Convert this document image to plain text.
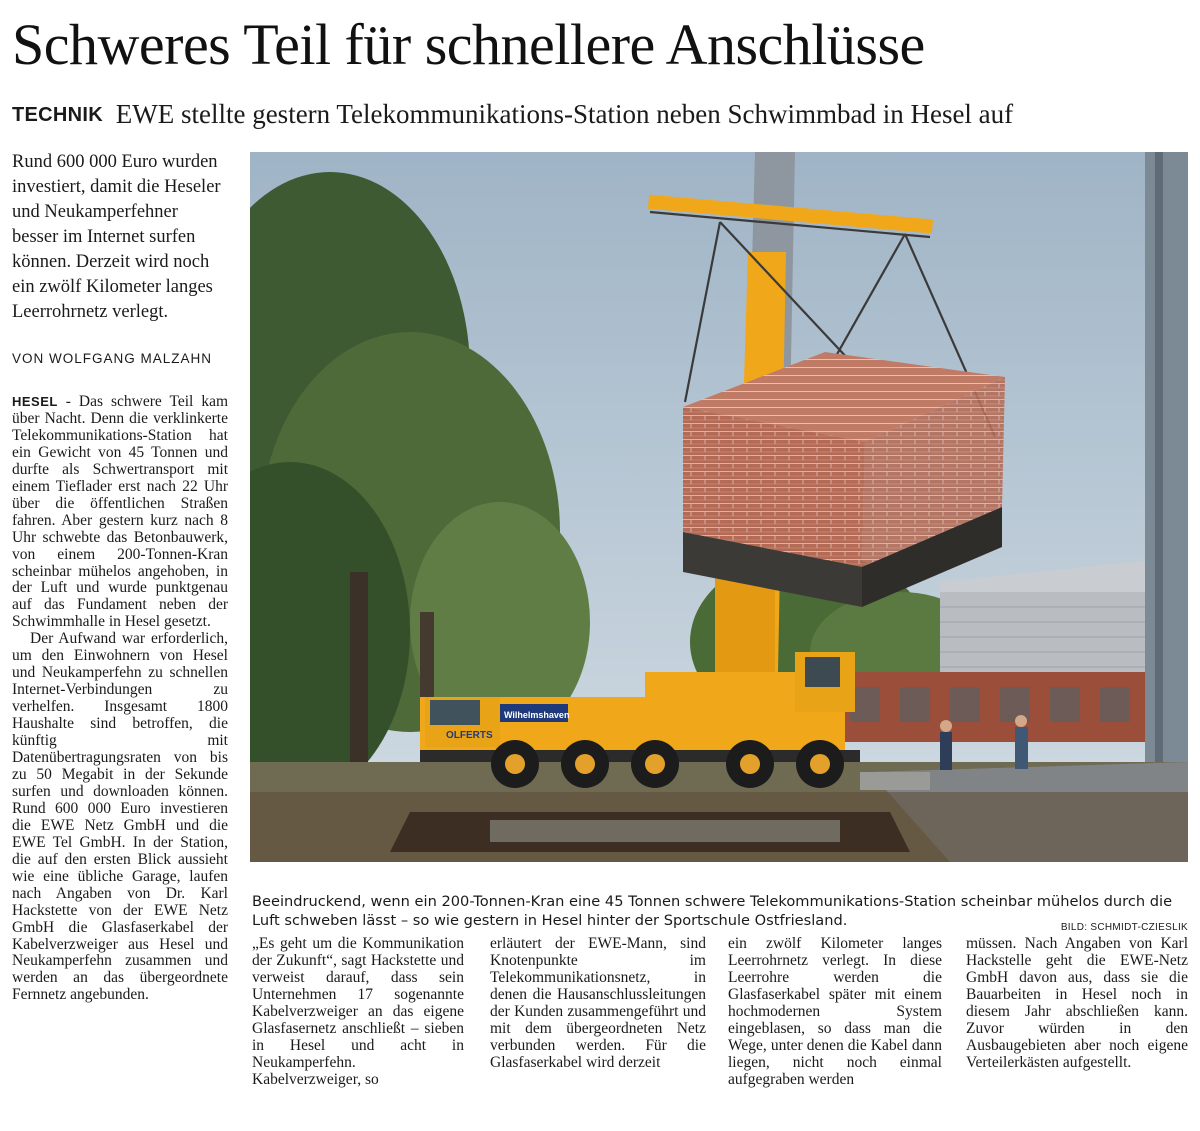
Schweres Teil für schnellere Anschlüsse
TECHNIK EWE stellte gestern Telekommunikations-Station neben Schwimmbad in Hesel auf

Rund 600 000 Euro wurden investiert, damit die Heseler und Neukamperfehner besser im Internet surfen können. Derzeit wird noch ein zwölf Kilometer langes Leerrohrnetz verlegt.

VON WOLFGANG MALZAHN

HESEL - Das schwere Teil kam über Nacht. Denn die verklinkerte Telekommunikations-Station hat ein Gewicht von 45 Tonnen und durfte als Schwertransport mit einem Tieflader erst nach 22 Uhr über die öffentlichen Straßen fahren. Aber gestern kurz nach 8 Uhr schwebte das Betonbauwerk, von einem 200-Tonnen-Kran scheinbar mühelos angehoben, in der Luft und wurde punktgenau auf das Fundament neben der Schwimmhalle in Hesel gesetzt.

Der Aufwand war erforderlich, um den Einwohnern von Hesel und Neukamperfehn zu schnellen Internet-Verbindungen zu verhelfen. Insgesamt 1800 Haushalte sind betroffen, die künftig mit Datenübertragungsraten von bis zu 50 Megabit in der Sekunde surfen und downloaden können. Rund 600 000 Euro investieren die EWE Netz GmbH und die EWE Tel GmbH. In der Station, die auf den ersten Blick aussieht wie eine übliche Garage, laufen nach Angaben von Dr. Karl Hackstette von der EWE Netz GmbH die Glasfaserkabel der Kabelverzweiger aus Hesel und Neukamperfehn zusammen und werden an das übergeordnete Fernnetz angebunden.

Wilhelmshaven
OLFERTS
Beeindruckend, wenn ein 200-Tonnen-Kran eine 45 Tonnen schwere Telekommunikations-Station scheinbar mühelos durch die Luft schweben lässt – so wie gestern in Hesel hinter der Sportschule Ostfriesland.	BILD: SCHMIDT-CZIESLIK

„Es geht um die Kommunikation der Zukunft“, sagt Hackstette und verweist darauf, dass sein Unternehmen 17 sogenannte Kabelverzweiger an das eigene Glasfasernetz anschließt – sieben in Hesel und acht in Neukamperfehn. Kabelverzweiger, so

erläutert der EWE-Mann, sind Knotenpunkte im Telekommunikationsnetz, in denen die Hausanschlussleitungen der Kunden zusammengeführt und mit dem übergeordneten Netz verbunden werden. Für die Glasfaserkabel wird derzeit

ein zwölf Kilometer langes Leerrohrnetz verlegt. In diese Leerrohre werden die Glasfaserkabel später mit einem hochmodernen System eingeblasen, so dass man die Wege, unter denen die Kabel dann liegen, nicht noch einmal aufgegraben werden

müssen. Nach Angaben von Karl Hackstelle geht die EWE-Netz GmbH davon aus, dass sie die Bauarbeiten in Hesel noch in diesem Jahr abschließen kann. Zuvor würden in den Ausbaugebieten aber noch eigene Verteilerkästen aufgestellt.
